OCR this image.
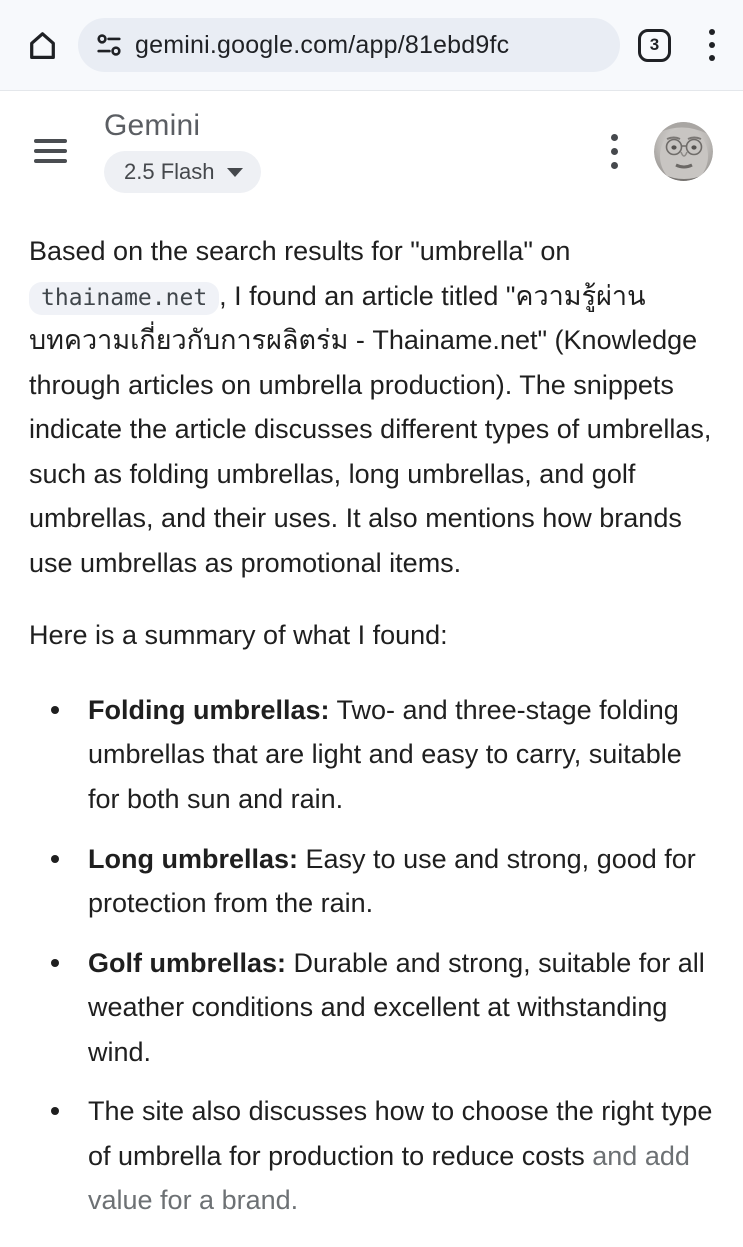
gemini.google.com/app/81ebd9fc	3
Gemini
2.5 Flash

Based on the search results for "umbrella" on thainame.net , I found an article titled "ความรู้ผ่านบทความเกี่ยวกับการผลิตร่ม - Thainame.net" (Knowledge through articles on umbrella production). The snippets indicate the article discusses different types of umbrellas, such as folding umbrellas, long umbrellas, and golf umbrellas, and their uses. It also mentions how brands use umbrellas as promotional items.

Here is a summary of what I found:

Folding umbrellas: Two- and three-stage folding umbrellas that are light and easy to carry, suitable for both sun and rain.
Long umbrellas: Easy to use and strong, good for protection from the rain.
Golf umbrellas: Durable and strong, suitable for all weather conditions and excellent at withstanding wind.
The site also discusses how to choose the right type of umbrella for production to reduce costs and add value for a brand.
